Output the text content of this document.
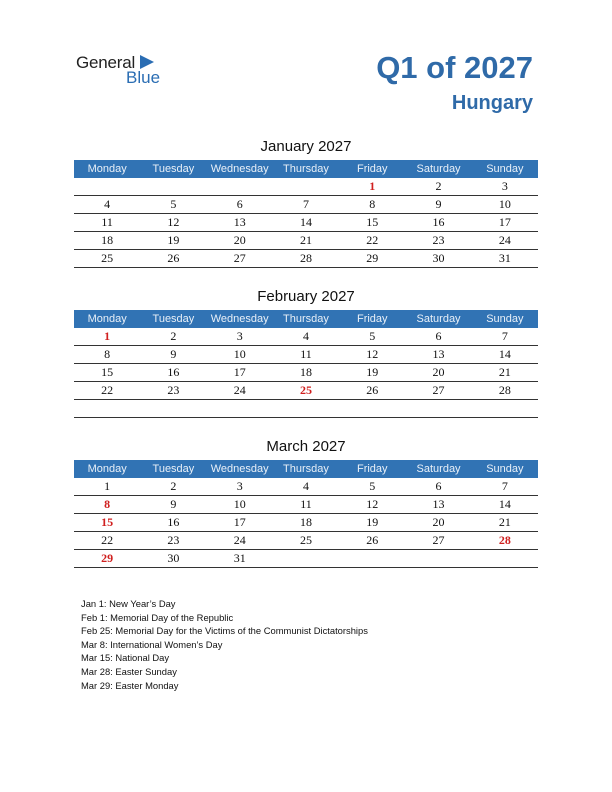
General
Blue	Q1 of 2027
Hungary
January 2027
Monday	Tuesday	Wednesday	Thursday	Friday	Saturday	Sunday
				1	2	3
4	5	6	7	8	9	10
11	12	13	14	15	16	17
18	19	20	21	22	23	24
25	26	27	28	29	30	31
February 2027
Monday	Tuesday	Wednesday	Thursday	Friday	Saturday	Sunday
1	2	3	4	5	6	7
8	9	10	11	12	13	14
15	16	17	18	19	20	21
22	23	24	25	26	27	28

March 2027
Monday	Tuesday	Wednesday	Thursday	Friday	Saturday	Sunday
1	2	3	4	5	6	7
8	9	10	11	12	13	14
15	16	17	18	19	20	21
22	23	24	25	26	27	28
29	30	31				
Jan 1: New Year’s Day
Feb 1: Memorial Day of the Republic
Feb 25: Memorial Day for the Victims of the Communist Dictatorships
Mar 8: International Women’s Day
Mar 15: National Day
Mar 28: Easter Sunday
Mar 29: Easter Monday
